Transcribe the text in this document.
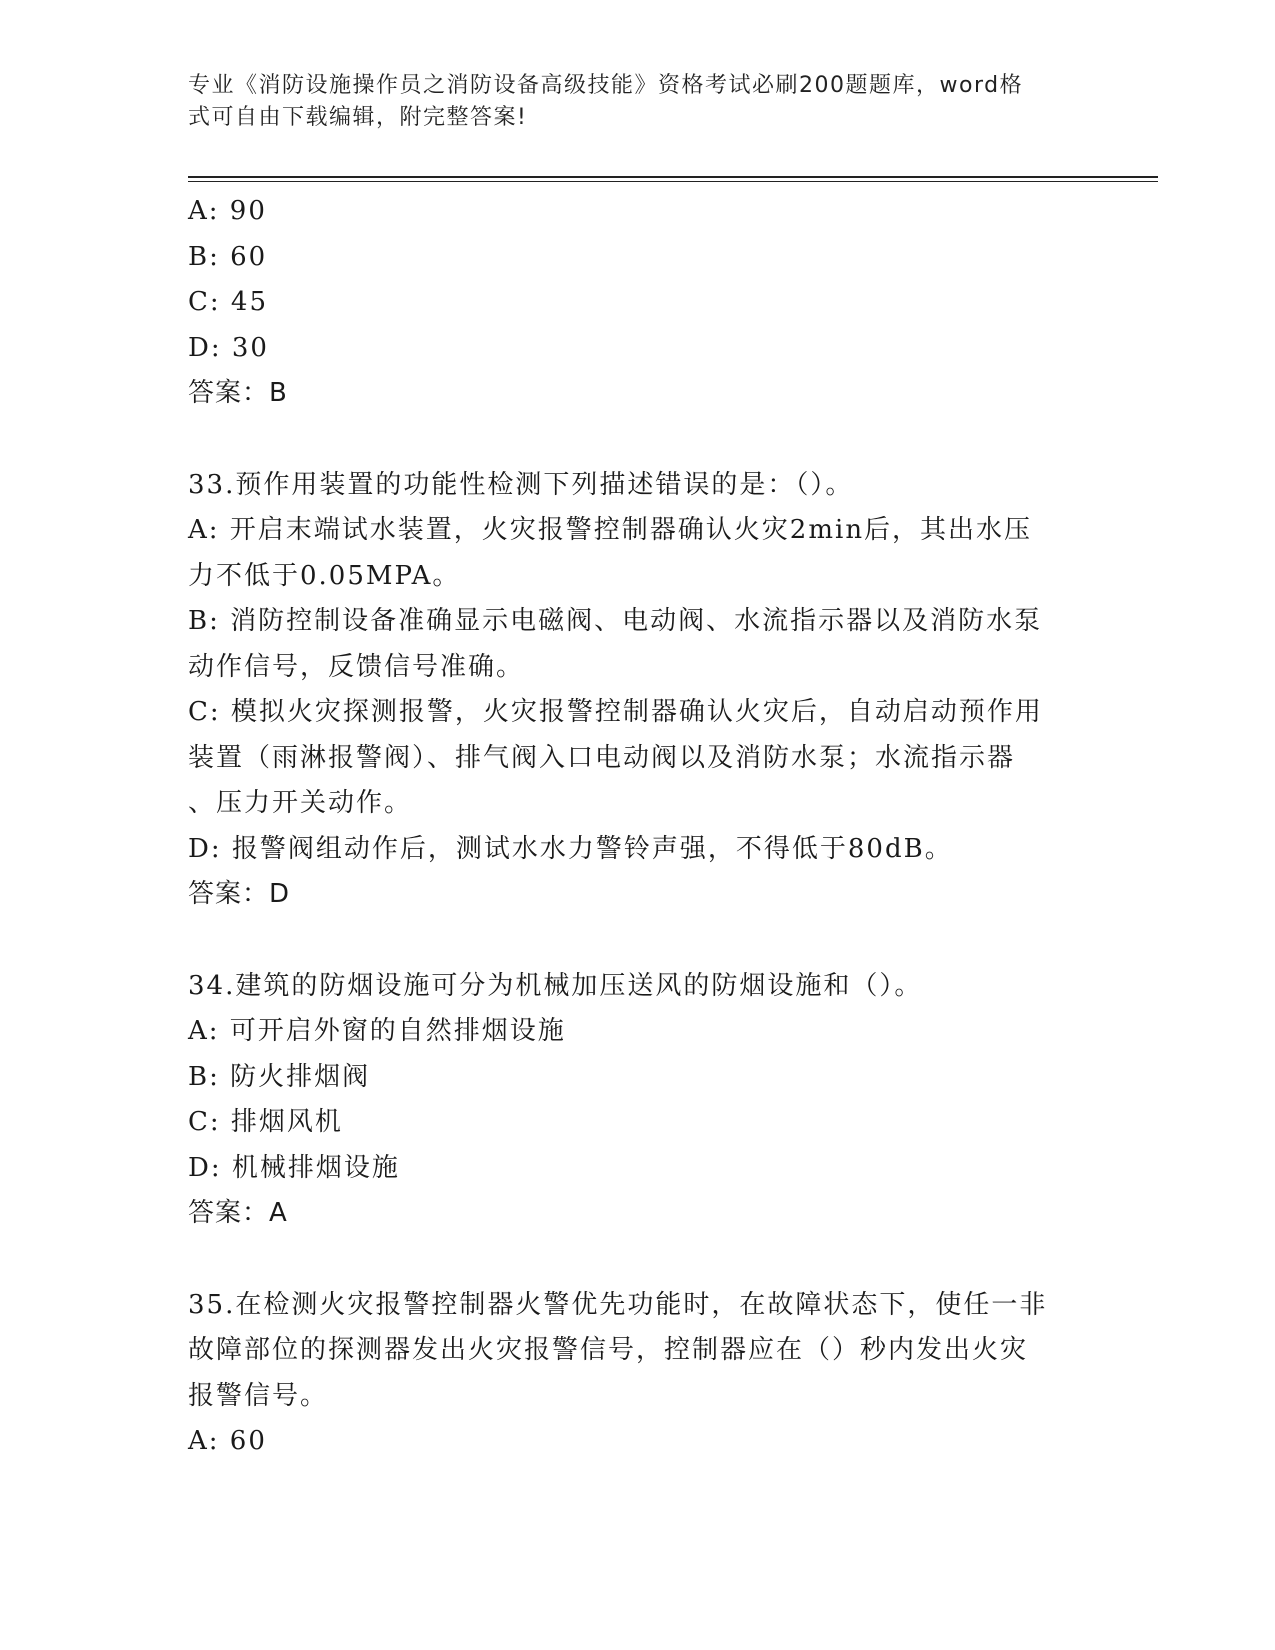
专业《消防设施操作员之消防设备高级技能》资格考试必刷200题题库，word格
式可自由下载编辑，附完整答案!
A: 90
B: 60
C: 45
D: 30
答案：B
33.预作用装置的功能性检测下列描述错误的是：（）。
A: 开启末端试水装置，火灾报警控制器确认火灾2min后，其出水压
力不低于0.05MPA。
B: 消防控制设备准确显示电磁阀、电动阀、水流指示器以及消防水泵
动作信号，反馈信号准确。
C: 模拟火灾探测报警，火灾报警控制器确认火灾后，自动启动预作用
装置（雨淋报警阀）、排气阀入口电动阀以及消防水泵；水流指示器
、压力开关动作。
D: 报警阀组动作后，测试水水力警铃声强，不得低于80dB。
答案：D
34.建筑的防烟设施可分为机械加压送风的防烟设施和（）。
A: 可开启外窗的自然排烟设施
B: 防火排烟阀
C: 排烟风机
D: 机械排烟设施
答案：A
35.在检测火灾报警控制器火警优先功能时，在故障状态下，使任一非
故障部位的探测器发出火灾报警信号，控制器应在（）秒内发出火灾
报警信号。
A: 60
